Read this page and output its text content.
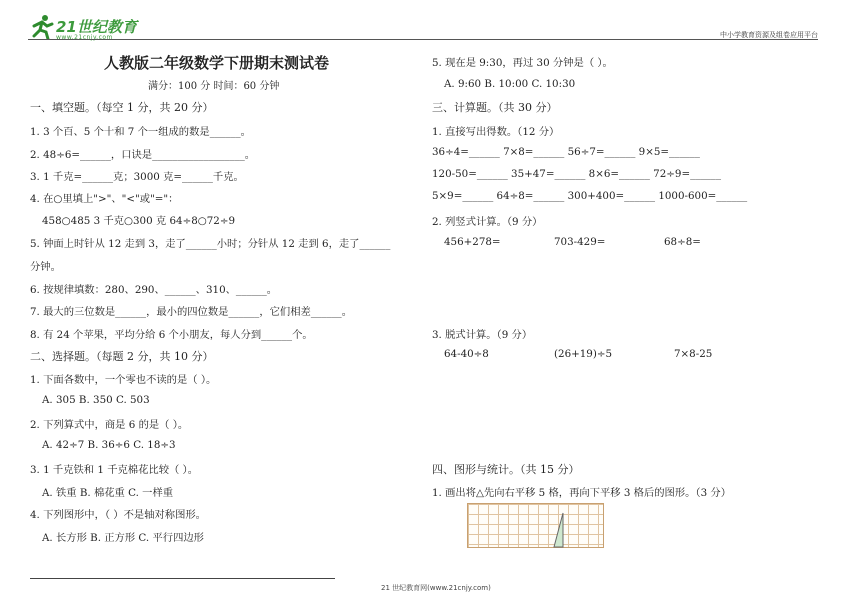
21世纪教育
www.21cnjy.com	中小学教育资源及组卷应用平台
人教版二年级数学下册期末测试卷
满分：100 分 时间：60 分钟
一、填空题。（每空 1 分，共 20 分）
1. 3 个百、5 个十和 7 个一组成的数是______。
2. 48÷6=______，口诀是__________________。
3. 1 千克=______克；3000 克=______千克。
4. 在○里填上">"、"<"或"="：
458○485 3 千克○300 克 64÷8○72÷9
5. 钟面上时针从 12 走到 3，走了______小时；分针从 12 走到 6，走了______
分钟。
6. 按规律填数：280、290、______、310、______。
7. 最大的三位数是______，最小的四位数是______，它们相差______。
8. 有 24 个苹果，平均分给 6 个小朋友，每人分到______个。
二、选择题。（每题 2 分，共 10 分）
1. 下面各数中，一个零也不读的是（ ）。
A. 305 B. 350 C. 503
2. 下列算式中，商是 6 的是（ ）。
A. 42÷7 B. 36÷6 C. 18÷3
3. 1 千克铁和 1 千克棉花比较（ ）。
A. 铁重 B. 棉花重 C. 一样重
4. 下列图形中，（ ）不是轴对称图形。
A. 长方形 B. 正方形 C. 平行四边形
5. 现在是 9:30，再过 30 分钟是（ ）。
A. 9:60 B. 10:00 C. 10:30
三、计算题。（共 30 分）
1. 直接写出得数。（12 分）
36÷4=______ 7×8=______ 56÷7=______ 9×5=______
120-50=______ 35+47=______ 8×6=______ 72÷9=______
5×9=______ 64÷8=______ 300+400=______ 1000-600=______
2. 列竖式计算。（9 分）
456+278=	703-429=	68÷8=
3. 脱式计算。（9 分）
64-40÷8	(26+19)÷5	7×8-25
四、图形与统计。（共 15 分）
1. 画出将△先向右平移 5 格，再向下平移 3 格后的图形。（3 分）
21 世纪教育网(www.21cnjy.com)
